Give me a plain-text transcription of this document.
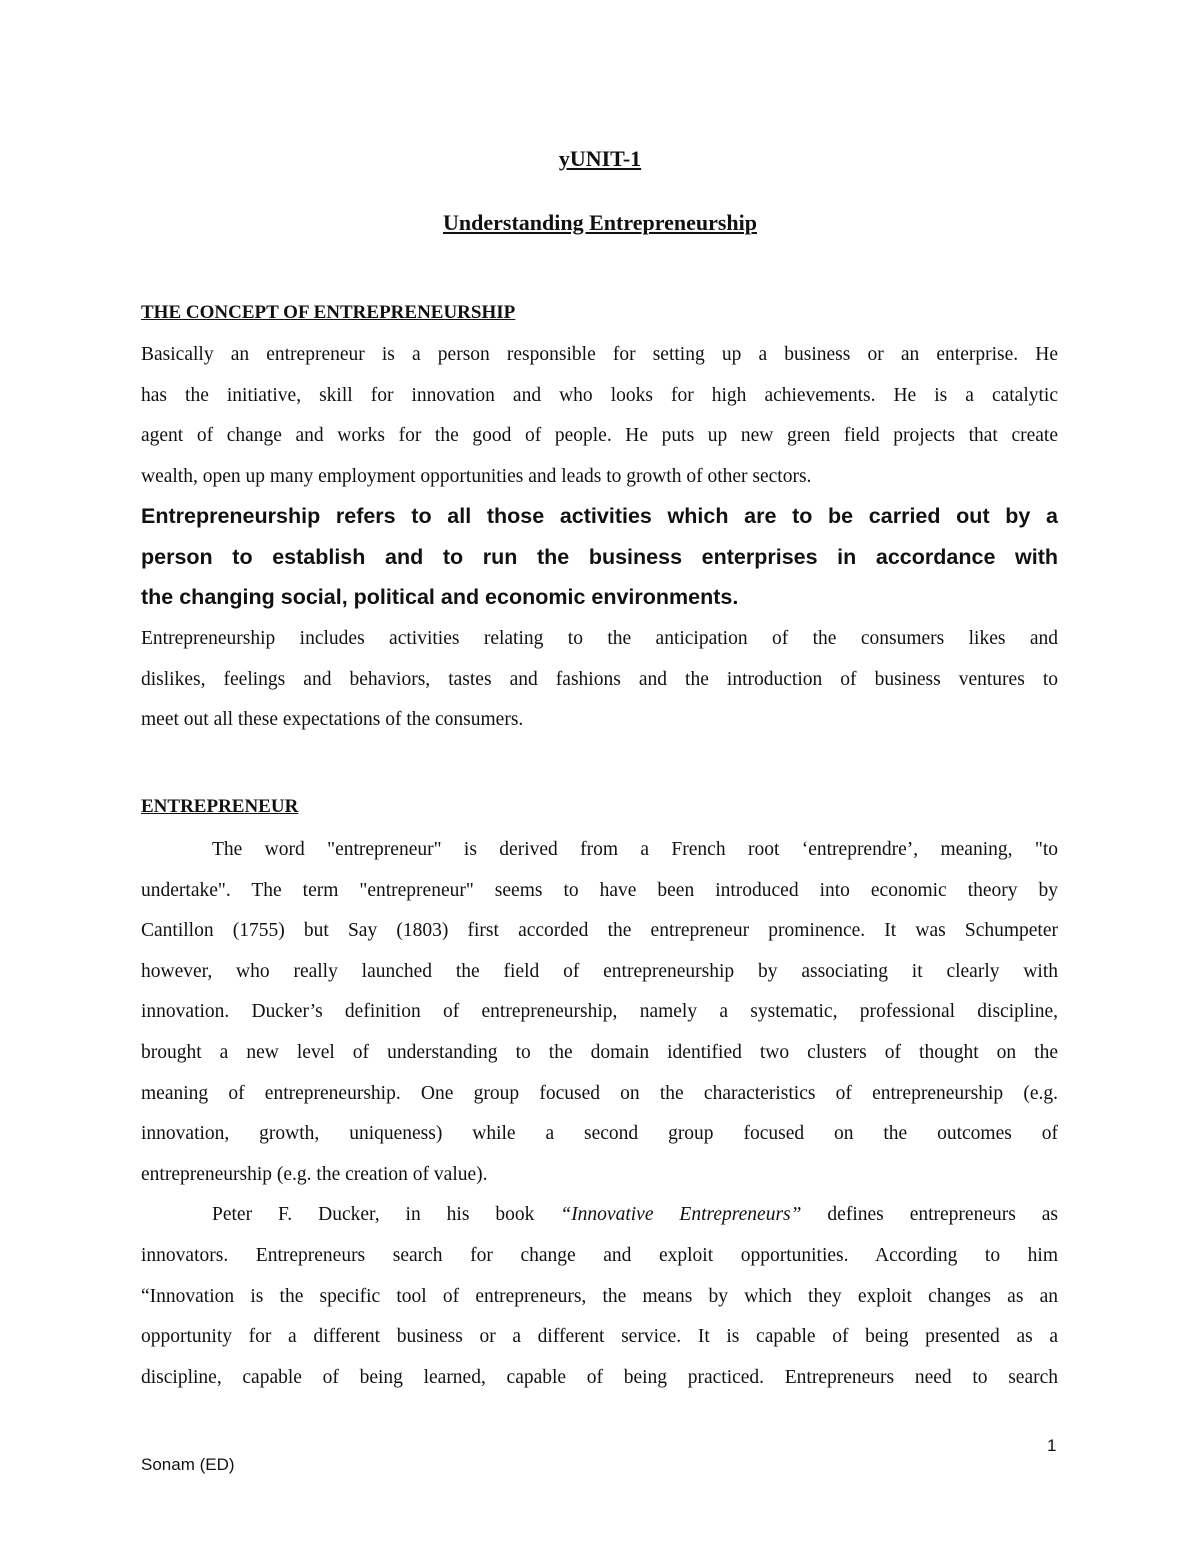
yUNIT-1
Understanding Entrepreneurship
THE CONCEPT OF ENTREPRENEURSHIP
Basically an entrepreneur is a person responsible for setting up a business or an enterprise. He
has the initiative, skill for innovation and who looks for high achievements. He is a catalytic
agent of change and works for the good of people. He puts up new green field projects that create
wealth, open up many employment opportunities and leads to growth of other sectors.
Entrepreneurship refers to all those activities which are to be carried out by a
person to establish and to run the business enterprises in accordance with
the changing social, political and economic environments.
Entrepreneurship includes activities relating to the anticipation of the consumers likes and
dislikes, feelings and behaviors, tastes and fashions and the introduction of business ventures to
meet out all these expectations of the consumers.
ENTREPRENEUR
The word "entrepreneur" is derived from a French root ‘entreprendre’, meaning, "to
undertake". The term "entrepreneur" seems to have been introduced into economic theory by
Cantillon (1755) but Say (1803) first accorded the entrepreneur prominence. It was Schumpeter
however, who really launched the field of entrepreneurship by associating it clearly with
innovation. Ducker’s definition of entrepreneurship, namely a systematic, professional discipline,
brought a new level of understanding to the domain identified two clusters of thought on the
meaning of entrepreneurship. One group focused on the characteristics of entrepreneurship (e.g.
innovation, growth, uniqueness) while a second group focused on the outcomes of
entrepreneurship (e.g. the creation of value).
Peter F. Ducker, in his book “Innovative Entrepreneurs” defines entrepreneurs as
innovators. Entrepreneurs search for change and exploit opportunities. According to him
“Innovation is the specific tool of entrepreneurs, the means by which they exploit changes as an
opportunity for a different business or a different service. It is capable of being presented as a
discipline, capable of being learned, capable of being practiced. Entrepreneurs need to search
1
Sonam (ED)
